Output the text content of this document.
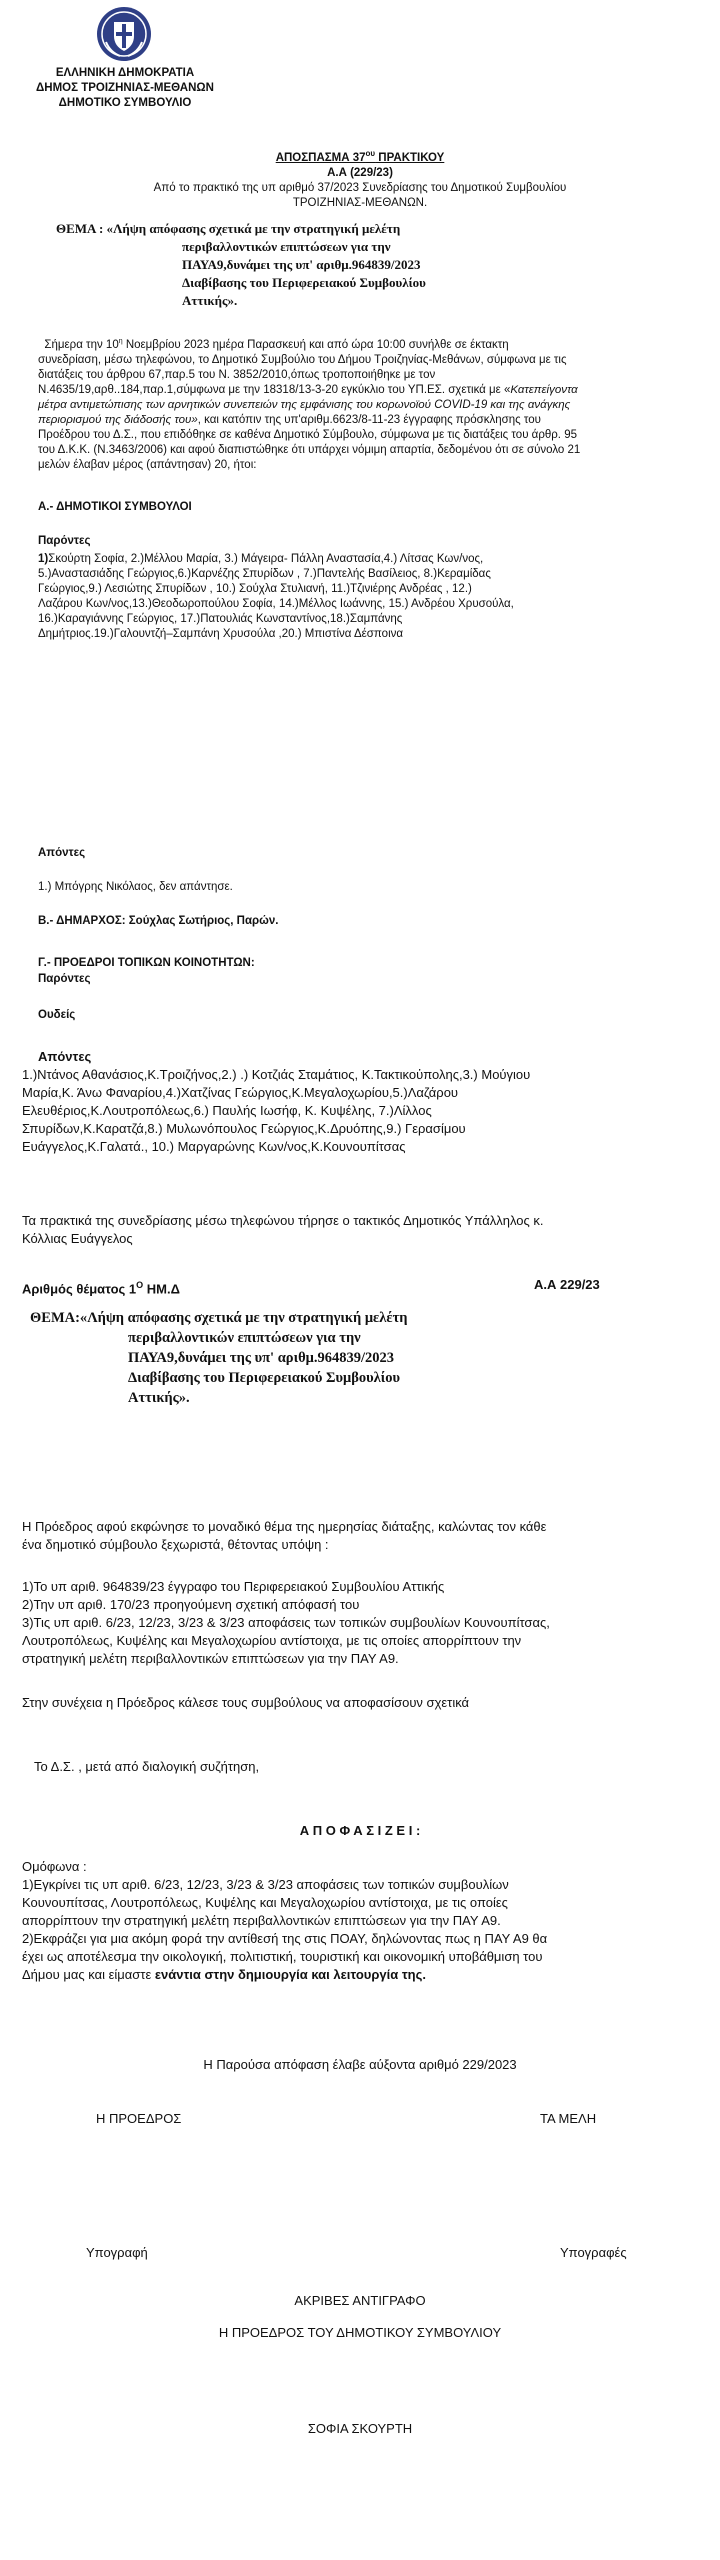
ΕΛΛΗΝΙΚΗ ΔΗΜΟΚΡΑΤΙΑ
ΔΗΜΟΣ ΤΡΟΙΖΗΝΙΑΣ-ΜΕΘΑΝΩΝ
ΔΗΜΟΤΙΚΟ ΣΥΜΒΟΥΛΙΟ
ΑΠΟΣΠΑΣΜΑ $37^{o\upsilon}$ ΠΡΑΚΤΙΚΟΥ
Α.Α (229/23)
Από το πρακτικό της υπ αριθμό 37/2023 Συνεδρίασης του Δημοτικού Συμβουλίου
ΤΡΟΙΖΗΝΙΑΣ-ΜΕΘΑΝΩΝ.
ΘΕΜΑ : «Λήψη απόφασης σχετικά με την στρατηγική μελέτη
περιβαλλοντικών επιπτώσεων για την
ΠΑΥΑ9,δυνάμει της υπ' αριθμ.964839/2023
Διαβίβασης του Περιφερειακού Συμβουλίου
Αττικής».
Σήμερα την $10^\eta$ Νοεμβρίου 2023 ημέρα Παρασκευή και από ώρα 10:00 συνήλθε σε έκτακτη
συνεδρίαση, μέσω τηλεφώνου, το Δημοτικό Συμβούλιο του Δήμου Τροιζηνίας-Μεθάνων, σύμφωνα με τις
διατάξεις του άρθρου 67,παρ.5 του Ν. 3852/2010,όπως τροποποιήθηκε με τον
Ν.4635/19,αρθ..184,παρ.1,σύμφωνα με την 18318/13-3-20 εγκύκλιο του ΥΠ.ΕΣ. σχετικά με «Κατεπείγοντα
μέτρα αντιμετώπισης των αρνητικών συνεπειών της εμφάνισης του κορωνοϊού COVID-19 και της ανάγκης
περιορισμού της διάδοσής του», και κατόπιν της υπ'αριθμ.6623/8-11-23 έγγραφης πρόσκλησης του
Προέδρου του Δ.Σ., που επιδόθηκε σε καθένα Δημοτικό Σύμβουλο, σύμφωνα με τις διατάξεις του άρθρ. 95
του Δ.Κ.Κ. (Ν.3463/2006) και αφού διαπιστώθηκε ότι υπάρχει νόμιμη απαρτία, δεδομένου ότι σε σύνολο 21
μελών έλαβαν μέρος (απάντησαν) 20, ήτοι:
Α.- ΔΗΜΟΤΙΚΟΙ ΣΥΜΒΟΥΛΟΙ
Παρόντες
1)Σκούρτη Σοφία, 2.)Μέλλου Μαρία, 3.) Μάγειρα- Πάλλη Αναστασία,4.) Λίτσας Κων/νος,
5.)Αναστασιάδης Γεώργιος,6.)Καρνέζης Σπυρίδων , 7.)Παντελής Βασίλειος, 8.)Κεραμίδας
Γεώργιος,9.) Λεσιώτης Σπυρίδων , 10.) Σούχλα Στυλιανή, 11.)Τζινιέρης Ανδρέας , 12.)
Λαζάρου Κων/νος,13.)Θεοδωροπούλου Σοφία, 14.)Μέλλος Ιωάννης, 15.) Ανδρέου Χρυσούλα,
16.)Καραγιάννης Γεώργιος, 17.)Πατουλιάς Κωνσταντίνος,18.)Σαμπάνης
Δημήτριος.19.)Γαλουντζή–Σαμπάνη Χρυσούλα ,20.) Μπιστίνα Δέσποινα
Απόντες
1.) Μπόγρης Νικόλαος, δεν απάντησε.
Β.- ΔΗΜΑΡΧΟΣ: Σούχλας Σωτήριος, Παρών.
Γ.- ΠΡΟΕΔΡΟΙ ΤΟΠΙΚΩΝ ΚΟΙΝΟΤΗΤΩΝ:
Παρόντες
Ουδείς
Απόντες
1.)Ντάνος Αθανάσιος,Κ.Τροιζήνος,2.) .) Κοτζιάς Σταμάτιος, Κ.Τακτικοὐπολης,3.) Μούγιου
Μαρία,Κ. Άνω Φαναρίου,4.)Χατζίνας Γεώργιος,Κ.Μεγαλοχωρίου,5.)Λαζάρου
Ελευθέριος,Κ.Λουτροπόλεως,6.) Παυλής Ιωσήφ, Κ. Κυψέλης, 7.)Λίλλος
Σπυρίδων,Κ.Καρατζά,8.) Μυλωνόπουλος Γεώργιος,Κ.Δρυόπης,9.) Γερασίμου
Ευάγγελος,Κ.Γαλατά., 10.) Μαργαρώνης Κων/νος,Κ.Κουνουπίτσας
Τα πρακτικά της συνεδρίασης μέσω τηλεφώνου τήρησε ο τακτικός Δημοτικός Υπάλληλος κ.
Κόλλιας Ευάγγελος
Αριθμός θέματος $1^O$ ΗΜ.Δ	Α.Α 229/23
ΘΕΜΑ:«Λήψη απόφασης σχετικά με την στρατηγική μελέτη
περιβαλλοντικών επιπτώσεων για την
ΠΑΥΑ9,δυνάμει της υπ' αριθμ.964839/2023
Διαβίβασης του Περιφερειακού Συμβουλίου
Αττικής».
Η Πρόεδρος αφού εκφώνησε το μοναδικό θέμα της ημερησίας διάταξης, καλώντας τον κάθε
ένα δημοτικό σύμβουλο ξεχωριστά, θέτοντας υπόψη :
1)Το υπ αριθ. 964839/23 έγγραφο του Περιφερειακού Συμβουλίου Αττικής
2)Την υπ αριθ. 170/23 προηγούμενη σχετική απόφασή του
3)Τις υπ αριθ. 6/23, 12/23, 3/23 & 3/23 αποφάσεις των τοπικών συμβουλίων Κουνουπίτσας,
Λουτροπόλεως, Κυψέλης και Μεγαλοχωρίου αντίστοιχα, με τις οποίες απορρίπτουν την
στρατηγική μελέτη περιβαλλοντικών επιπτώσεων για την ΠΑΥ Α9.
Στην συνέχεια η Πρόεδρος κάλεσε τους συμβούλους να αποφασίσουν σχετικά
Το Δ.Σ. , μετά από διαλογική συζήτηση,
Α Π Ο Φ Α Σ Ι Ζ Ε Ι :
Ομόφωνα :
1)Εγκρίνει τις υπ αριθ. 6/23, 12/23, 3/23 & 3/23 αποφάσεις των τοπικών συμβουλίων
Κουνουπίτσας, Λουτροπόλεως, Κυψέλης και Μεγαλοχωρίου αντίστοιχα, με τις οποίες
απορρίπτουν την στρατηγική μελέτη περιβαλλοντικών επιπτώσεων για την ΠΑΥ Α9.
2)Εκφράζει για μια ακόμη φορά την αντίθεσή της στις ΠΟΑΥ, δηλώνοντας πως η ΠΑΥ Α9 θα
έχει ως αποτέλεσμα την οικολογική, πολιτιστική, τουριστική και οικονομική υποβάθμιση του
Δήμου μας και είμαστε ενάντια στην δημιουργία και λειτουργία της.
Η Παρούσα απόφαση έλαβε αύξοντα αριθμό 229/2023
Η ΠΡΟΕΔΡΟΣ	ΤΑ ΜΕΛΗ
Υπογραφή	Υπογραφές
ΑΚΡΙΒΕΣ ΑΝΤΙΓΡΑΦΟ
Η ΠΡΟΕΔΡΟΣ ΤΟΥ ΔΗΜΟΤΙΚΟΥ ΣΥΜΒΟΥΛΙΟΥ
ΣΟΦΙΑ ΣΚΟΥΡΤΗ
